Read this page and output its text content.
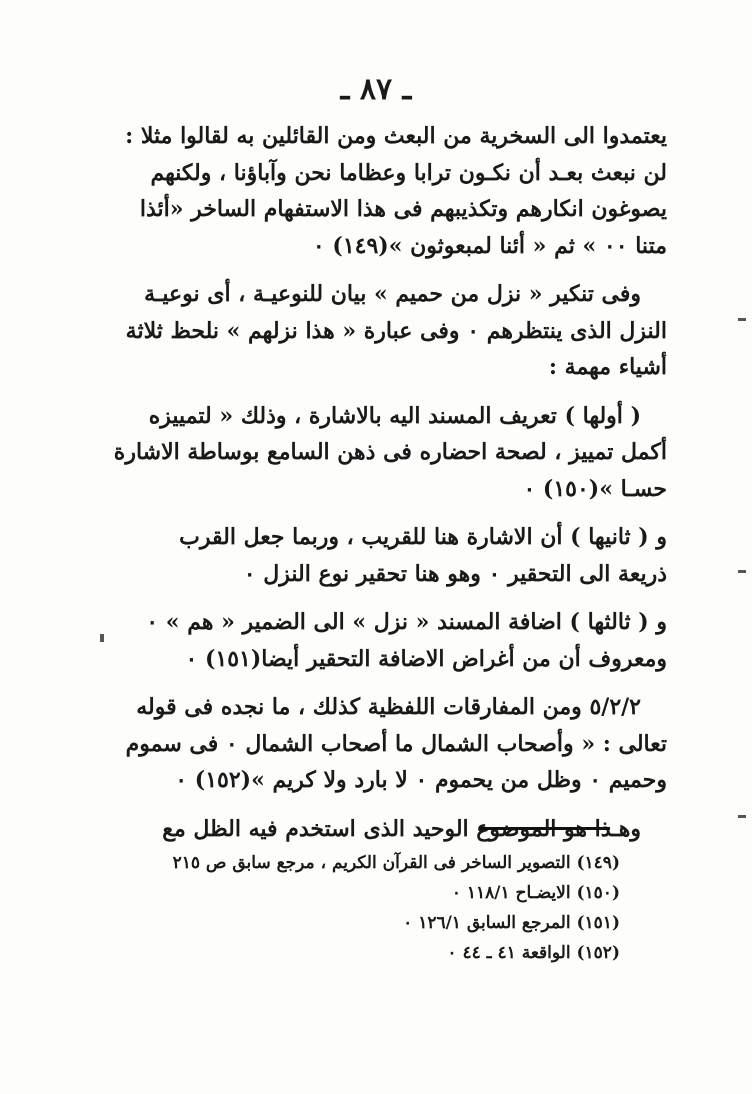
ـ ٨٧ ـ
يعتمدوا الى السخرية من البعث ومن القائلين به لقالوا مثلا :
لن نبعث بعـد أن نكـون ترابا وعظاما نحن وآباؤنا ، ولكنهم
يصوغون انكارهم وتكذيبهم فى هذا الاستفهام الساخر «أئذا
متنا ٠٠ » ثم « أئنا لمبعوثون »(١٤٩) ٠
وفى تنكير « نزل من حميم » بيان للنوعيـة ، أى نوعيـة
النزل الذى ينتظرهم ٠ وفى عبارة « هذا نزلهم » نلحظ ثلاثة
أشياء مهمة :
( أولها ) تعريف المسند اليه بالاشارة ، وذلك « لتمييزه
أكمل تمييز ، لصحة احضاره فى ذهن السامع بوساطة الاشارة
حسـا »(١٥٠) ٠
و ( ثانيها ) أن الاشارة هنا للقريب ، وربما جعل القرب
ذريعة الى التحقير ٠ وهو هنا تحقير نوع النزل ٠
و ( ثالثها ) اضافة المسند « نزل » الى الضمير « هم » ٠
ومعروف أن من أغراض الاضافة التحقير أيضا(١٥١) ٠
٥/٢/٢ ومن المفارقات اللفظية كذلك ، ما نجده فى قوله
تعالى : « وأصحاب الشمال ما أصحاب الشمال ٠ فى سموم
وحميم ٠ وظل من يحموم ٠ لا بارد ولا كريم »(١٥٢) ٠
وهـذا هو الموضوع الوحيد الذى استخدم فيه الظل مع
(١٤٩) التصوير الساخر فى القرآن الكريم ، مرجع سابق ص ٢١٥
(١٥٠) الايضـاح ١١٨/١ ٠
(١٥١) المرجع السابق ١٢٦/١ ٠
(١٥٢) الواقعة ٤١ ـ ٤٤ ٠
